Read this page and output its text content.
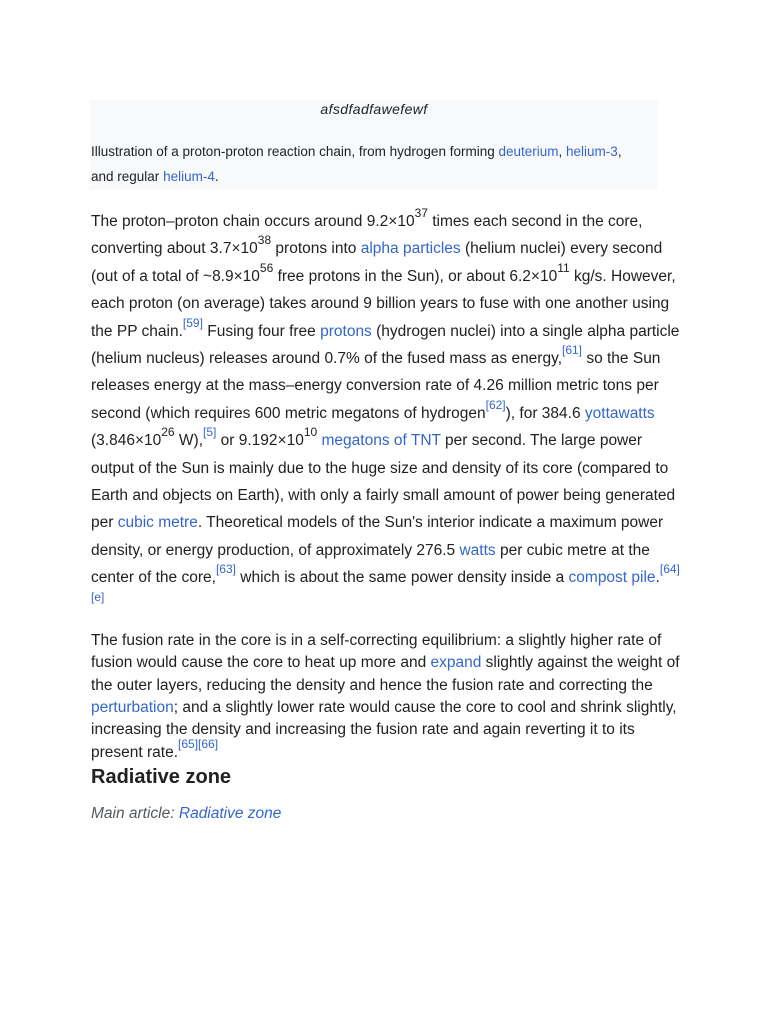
afsdfadfawefewf
Illustration of a proton-proton reaction chain, from hydrogen forming deuterium, helium-3,
and regular helium-4.

The proton–proton chain occurs around $9.2\times 10^{37}$ times each second in the core, converting about $3.7\times 10^{38}$ protons into alpha particles (helium nuclei) every second (out of a total of $\sim 8.9\times 10^{56}$ free protons in the Sun), or about $6.2\times 10^{11}$ kg/s. However, each proton (on average) takes around 9 billion years to fuse with one another using the PP chain.[59] Fusing four free protons (hydrogen nuclei) into a single alpha particle (helium nucleus) releases around 0.7% of the fused mass as energy,[61] so the Sun releases energy at the mass–energy conversion rate of 4.26 million metric tons per second (which requires 600 metric megatons of hydrogen[62]), for 384.6 yottawatts ($3.846\times 10^{26}$ W),[5] or $9.192\times 10^{10}$ megatons of TNT per second. The large power output of the Sun is mainly due to the huge size and density of its core (compared to Earth and objects on Earth), with only a fairly small amount of power being generated per cubic metre. Theoretical models of the Sun's interior indicate a maximum power density, or energy production, of approximately 276.5 watts per cubic metre at the center of the core,[63] which is about the same power density inside a compost pile.[64][e]

The fusion rate in the core is in a self-correcting equilibrium: a slightly higher rate of fusion would cause the core to heat up more and expand slightly against the weight of the outer layers, reducing the density and hence the fusion rate and correcting the perturbation; and a slightly lower rate would cause the core to cool and shrink slightly, increasing the density and increasing the fusion rate and again reverting it to its present rate.[65][66]

Radiative zone
Main article: Radiative zone
